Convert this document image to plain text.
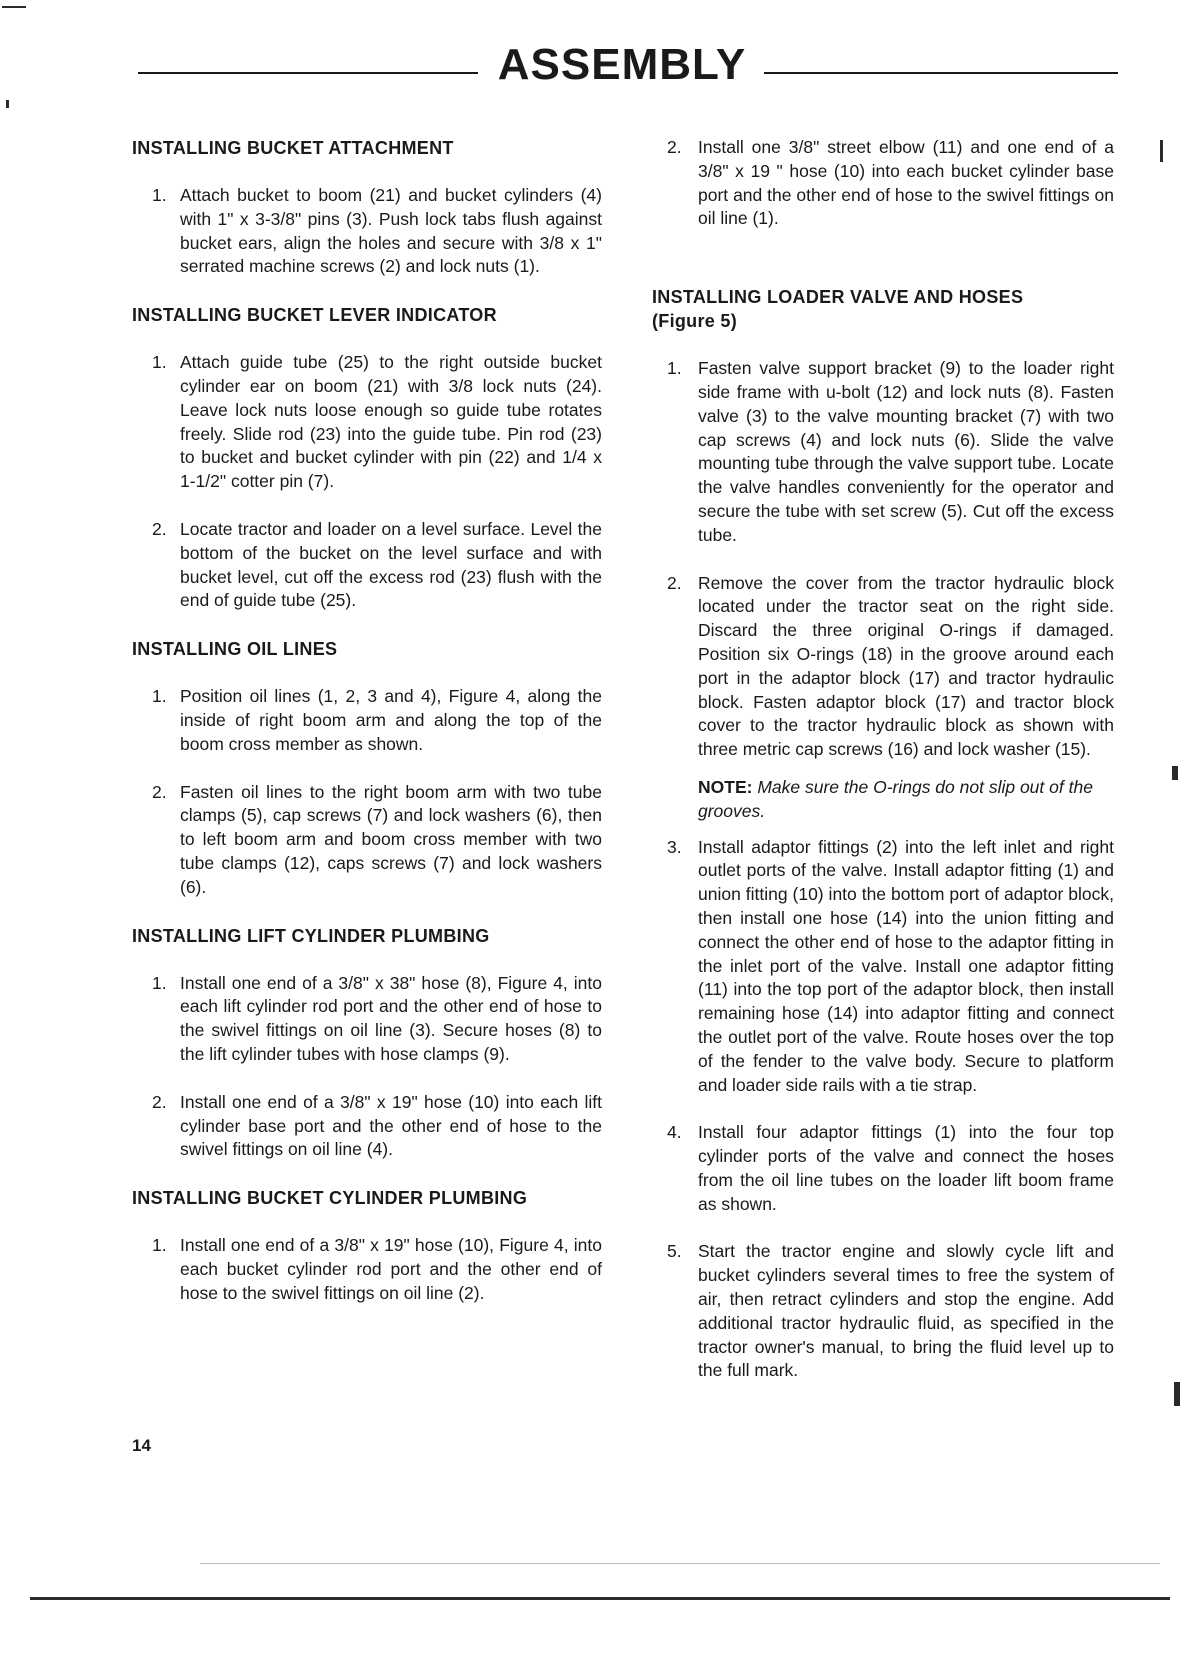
ASSEMBLY
INSTALLING BUCKET ATTACHMENT
1. Attach bucket to boom (21) and bucket cylinders (4) with 1" x 3-3/8" pins (3). Push lock tabs flush against bucket ears, align the holes and secure with 3/8 x 1" serrated machine screws (2) and lock nuts (1).
INSTALLING BUCKET LEVER INDICATOR
1. Attach guide tube (25) to the right outside bucket cylinder ear on boom (21) with 3/8 lock nuts (24). Leave lock nuts loose enough so guide tube rotates freely. Slide rod (23) into the guide tube. Pin rod (23) to bucket and bucket cylinder with pin (22) and 1/4 x 1-1/2" cotter pin (7).
2. Locate tractor and loader on a level surface. Level the bottom of the bucket on the level surface and with bucket level, cut off the excess rod (23) flush with the end of guide tube (25).
INSTALLING OIL LINES
1. Position oil lines (1, 2, 3 and 4), Figure 4, along the inside of right boom arm and along the top of the boom cross member as shown.
2. Fasten oil lines to the right boom arm with two tube clamps (5), cap screws (7) and lock washers (6), then to left boom arm and boom cross member with two tube clamps (12), caps screws (7) and lock washers (6).
INSTALLING LIFT CYLINDER PLUMBING
1. Install one end of a 3/8" x 38" hose (8), Figure 4, into each lift cylinder rod port and the other end of hose to the swivel fittings on oil line (3). Secure hoses (8) to the lift cylinder tubes with hose clamps (9).
2. Install one end of a 3/8" x 19" hose (10) into each lift cylinder base port and the other end of hose to the swivel fittings on oil line (4).
INSTALLING BUCKET CYLINDER PLUMBING
1. Install one end of a 3/8" x 19" hose (10), Figure 4, into each bucket cylinder rod port and the other end of hose to the swivel fittings on oil line (2).
2. Install one 3/8" street elbow (11) and one end of a 3/8" x 19 " hose (10) into each bucket cylinder base port and the other end of hose to the swivel fittings on oil line (1).
INSTALLING LOADER VALVE AND HOSES
(Figure 5)
1. Fasten valve support bracket (9) to the loader right side frame with u-bolt (12) and lock nuts (8). Fasten valve (3) to the valve mounting bracket (7) with two cap screws (4) and lock nuts (6). Slide the valve mounting tube through the valve support tube. Locate the valve handles conveniently for the operator and secure the tube with set screw (5). Cut off the excess tube.
2. Remove the cover from the tractor hydraulic block located under the tractor seat on the right side. Discard the three original O-rings if damaged. Position six O-rings (18) in the groove around each port in the adaptor block (17) and tractor hydraulic block. Fasten adaptor block (17) and tractor block cover to the tractor hydraulic block as shown with three metric cap screws (16) and lock washer (15).
NOTE: Make sure the O-rings do not slip out of the grooves.
3. Install adaptor fittings (2) into the left inlet and right outlet ports of the valve. Install adaptor fitting (1) and union fitting (10) into the bottom port of adaptor block, then install one hose (14) into the union fitting and connect the other end of hose to the adaptor fitting in the inlet port of the valve. Install one adaptor fitting (11) into the top port of the adaptor block, then install remaining hose (14) into adaptor fitting and connect the outlet port of the valve. Route hoses over the top of the fender to the valve body. Secure to platform and loader side rails with a tie strap.
4. Install four adaptor fittings (1) into the four top cylinder ports of the valve and connect the hoses from the oil line tubes on the loader lift boom frame as shown.
5. Start the tractor engine and slowly cycle lift and bucket cylinders several times to free the system of air, then retract cylinders and stop the engine. Add additional tractor hydraulic fluid, as specified in the tractor owner's manual, to bring the fluid level up to the full mark.
14
